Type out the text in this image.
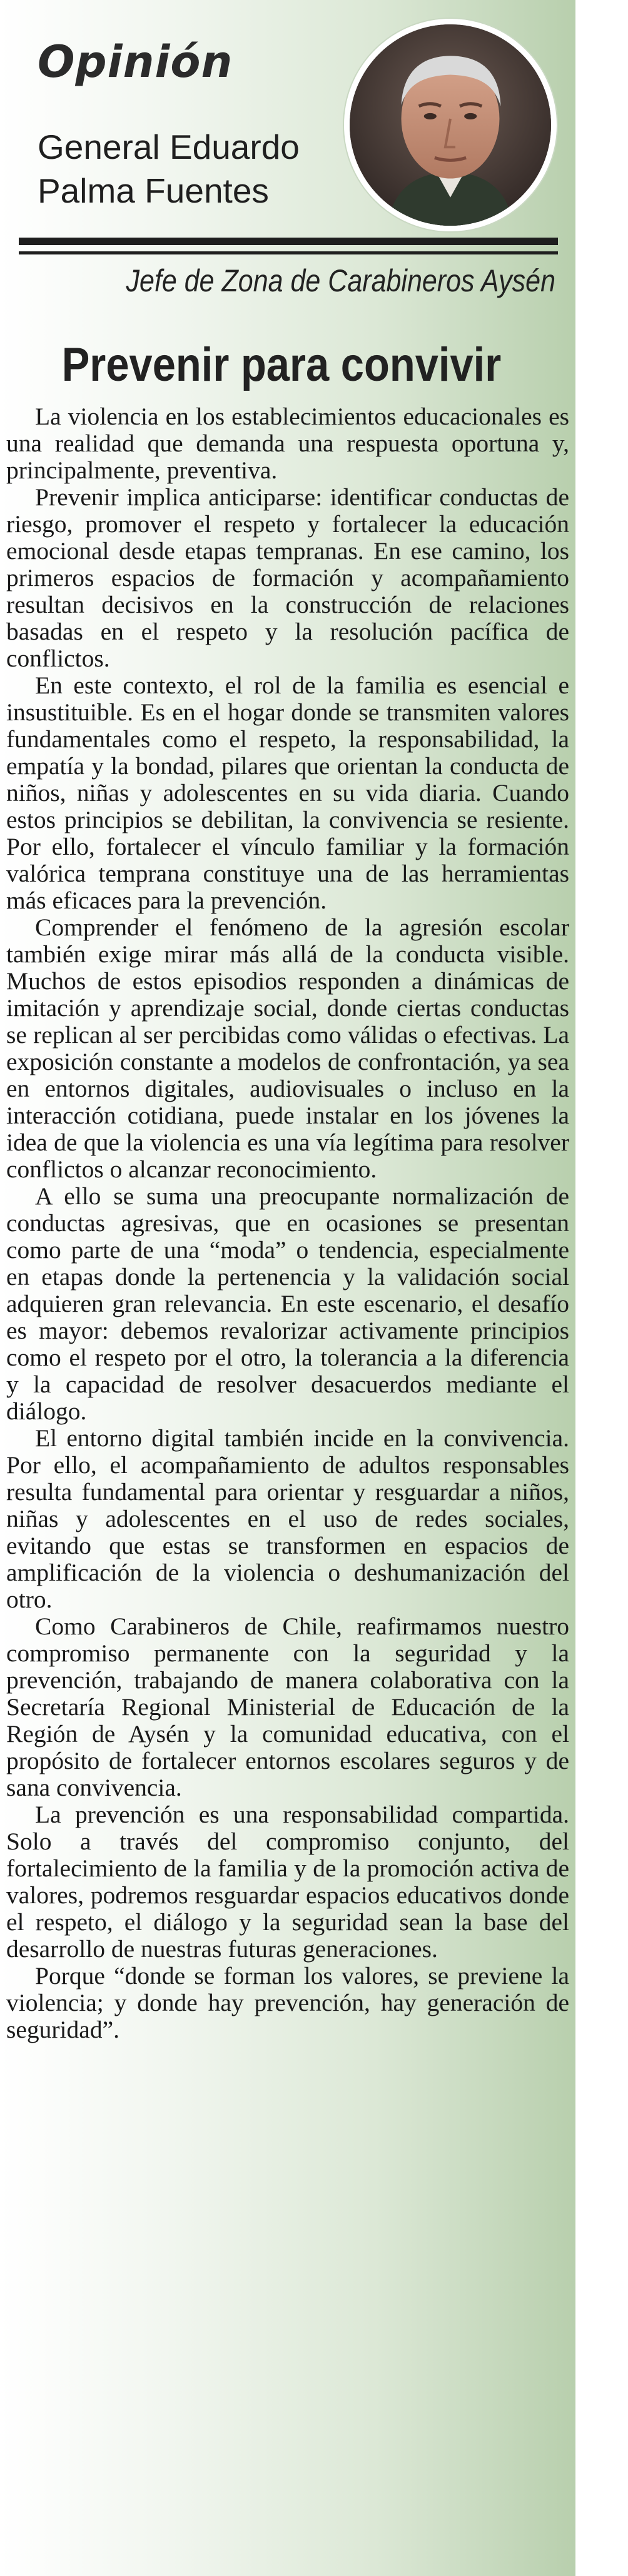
Opinión
General Eduardo
Palma Fuentes
Jefe de Zona de Carabineros Aysén
Prevenir para convivir

La violencia en los establecimientos educacionales es una realidad que demanda una respuesta oportuna y, principalmente, preventiva.

Prevenir implica anticiparse: identificar conductas de riesgo, promover el respeto y fortalecer la educación emocional desde etapas tempranas. En ese camino, los primeros espacios de formación y acompañamiento resultan decisivos en la construcción de relaciones basadas en el respeto y la resolución pacífica de conflictos.

En este contexto, el rol de la familia es esencial e insustituible. Es en el hogar donde se transmiten valores fundamentales como el respeto, la responsabilidad, la empatía y la bondad, pilares que orientan la conducta de niños, niñas y adolescentes en su vida diaria. Cuando estos principios se debilitan, la convivencia se resiente. Por ello, fortalecer el vínculo familiar y la formación valórica temprana constituye una de las herramientas más eficaces para la prevención.

Comprender el fenómeno de la agresión escolar también exige mirar más allá de la conducta visible. Muchos de estos episodios responden a dinámicas de imitación y aprendizaje social, donde ciertas conductas se replican al ser percibidas como válidas o efectivas. La exposición constante a modelos de confrontación, ya sea en entornos digitales, audiovisuales o incluso en la interacción cotidiana, puede instalar en los jóvenes la idea de que la violencia es una vía legítima para resolver conflictos o alcanzar reconocimiento.

A ello se suma una preocupante normalización de conductas agresivas, que en ocasiones se presentan como parte de una “moda” o tendencia, especialmente en etapas donde la pertenencia y la validación social adquieren gran relevancia. En este escenario, el desafío es mayor: debemos revalorizar activamente principios como el respeto por el otro, la tolerancia a la diferencia y la capacidad de resolver desacuerdos mediante el diálogo.

El entorno digital también incide en la convivencia. Por ello, el acompañamiento de adultos responsables resulta fundamental para orientar y resguardar a niños, niñas y adolescentes en el uso de redes sociales, evitando que estas se transformen en espacios de amplificación de la violencia o deshumanización del otro.

Como Carabineros de Chile, reafirmamos nuestro compromiso permanente con la seguridad y la prevención, trabajando de manera colaborativa con la Secretaría Regional Ministerial de Educación de la Región de Aysén y la comunidad educativa, con el propósito de fortalecer entornos escolares seguros y de sana convivencia.

La prevención es una responsabilidad compartida. Solo a través del compromiso conjunto, del fortalecimiento de la familia y de la promoción activa de valores, podremos resguardar espacios educativos donde el respeto, el diálogo y la seguridad sean la base del desarrollo de nuestras futuras generaciones.

Porque “donde se forman los valores, se previene la violencia; y donde hay prevención, hay generación de seguridad”.
